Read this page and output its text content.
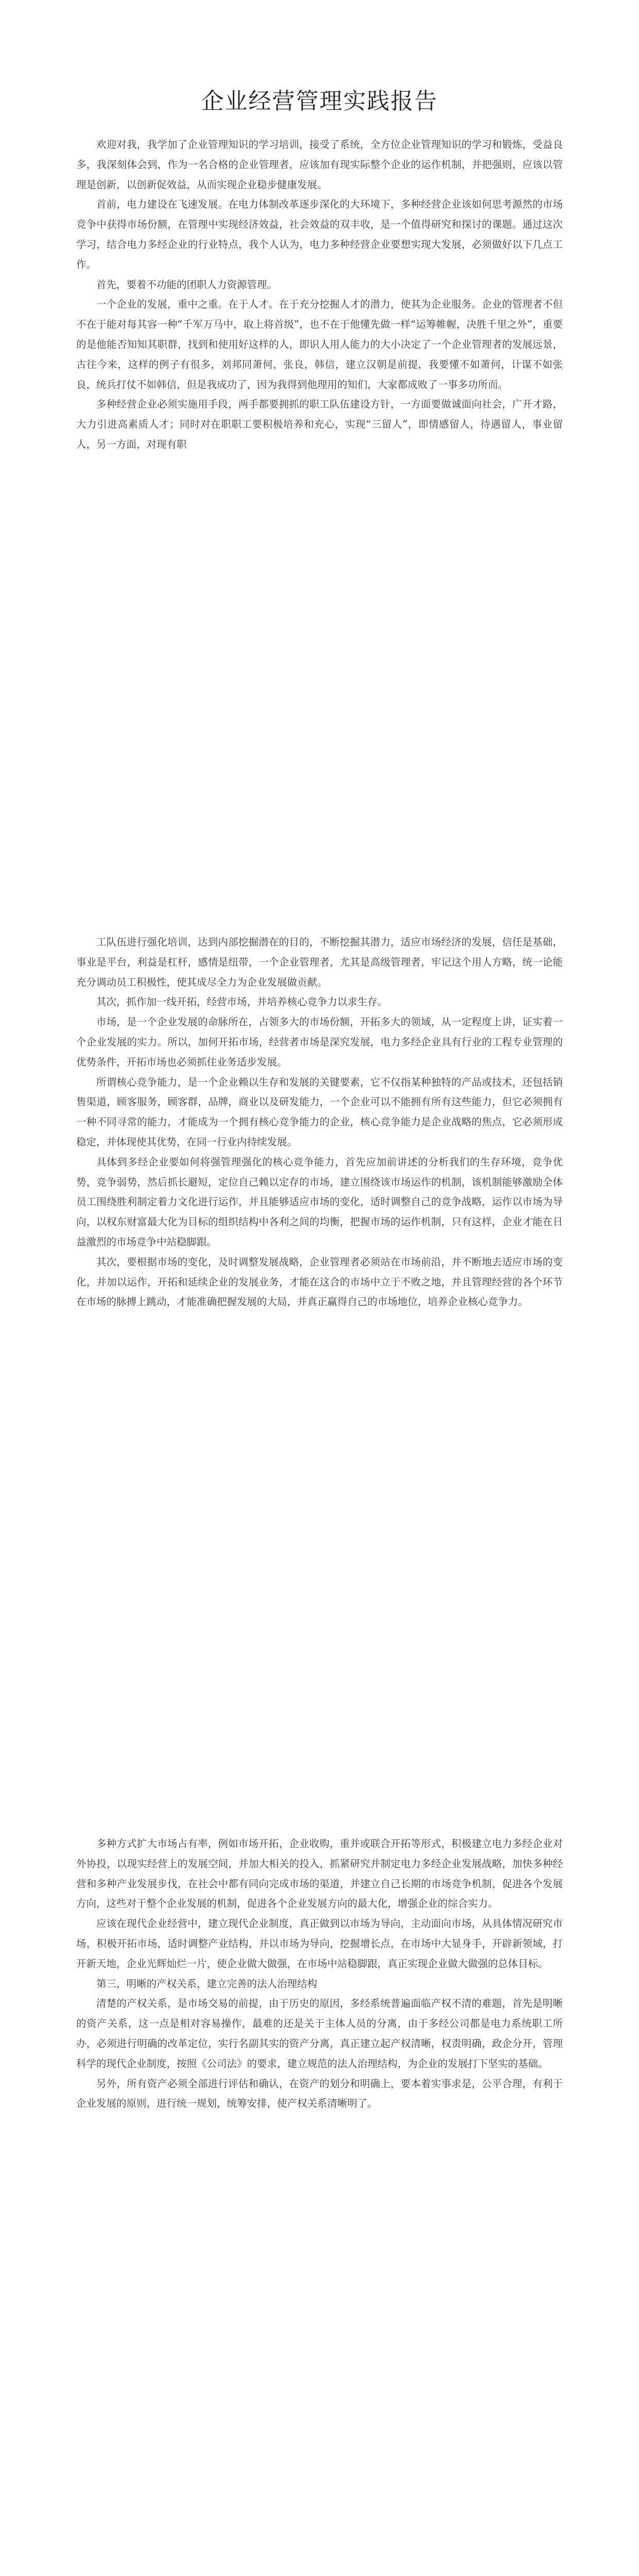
企业经营管理实践报告

欢迎对我，我学加了企业管理知识的学习培训，接受了系统，全方位企业管理知识的学习和锻炼，受益良多，我深刻体会到，作为一名合格的企业管理者，应该加有现实际整个企业的运作机制，并把强则，应该以管理是创新，以创新促效益，从而实现企业稳步健康发展。

首前，电力建设在飞速发展。在电力体制改革逐步深化的大环境下，多种经营企业该如何思考源然的市场竞争中获得市场份额，在管理中实现经济效益，社会效益的双丰收，是一个值得研究和探讨的课题。通过这次学习，结合电力多经企业的行业特点，我个人认为，电力多种经营企业要想实现大发展，必须做好以下几点工作。

首先，要着不功能的团职人力资源管理。

一个企业的发展，重中之重。在于人才。在于充分挖掘人才的潜力，使其为企业服务。企业的管理者不但不在于能对每其容一种“千军万马中，取上将首级”，也不在于他懂先做一样“运筹帷幄，决胜千里之外”，重要的是他能否知知其职群，找到和使用好这样的人，即识人用人能力的大小决定了一个企业管理者的发展远景，古往今来，这样的例子有很多，刘邦同萧何，张良，韩信，建立汉朝是前提，我要懂不如萧何，计谋不如张良，统兵打仗不如韩信，但是我成功了，因为我得到他理用的知们，大家都成败了一事多功所而。

多种经营企业必须实施用手段，两手都要拥抓的职工队伍建设方针，一方面要做诚面向社会，广开才路，大力引进高素质人才；同时对在职职工要积极培养和充心，实现“三留人”，即情感留人，待遇留人，事业留人，另一方面，对现有职

工队伍进行强化培训，达到内部挖掘潜在的目的，不断挖掘其潜力，适应市场经济的发展，信任是基础，事业是平台，利益是杠杆，感情是纽带，一个企业管理者，尤其是高级管理者，牢记这个用人方略，统一论能充分调动员工积极性，使其成尽全力为企业发展做贡献。

其次，抓作加一线开拓，经营市场，并培养核心竞争力以求生存。

市场，是一个企业发展的命脉所在，占领多大的市场份额，开拓多大的领域，从一定程度上讲，证实着一个企业发展的实力。所以，加何开拓市场，经营者市场是深究发展，电力多经企业具有行业的工程专业管理的优势条件，开拓市场也必须抓住业务适步发展。

所谓核心竞争能力，是一个企业赖以生存和发展的关键要素，它不仅指某种独特的产品或技术，还包括销售渠道，顾客服务，顾客群，品牌，商业以及研发能力，一个企业可以不能拥有所有这些能力，但它必须拥有一种不同寻常的能力，才能成为一个拥有核心竞争能力的企业，核心竞争能力是企业战略的焦点，它必须形成稳定，并体现使其优势，在同一行业内持续发展。

具体到多经企业要如何将强管理强化的核心竞争能力，首先应加前讲述的分析我们的生存环境，竞争优势，竞争弱势，然后抓长避短，定位自己赖以定存的市场，建立围绕该市场运作的机制，该机制能够激励全体员工围绕胜利制定着力文化进行运作，并且能够适应市场的变化，适时调整自己的竞争战略，运作以市场为导向，以权东财富最大化为目标的组织结构中各利之间的均衡，把握市场的运作机制，只有这样，企业才能在日益激烈的市场竞争中站稳脚跟。

其次，要根据市场的变化，及时调整发展战略，企业管理者必须站在市场前沿，并不断地去适应市场的变化，并加以运作，开拓和延续企业的发展业务，才能在这合的市场中立于不败之地，并且管理经营的各个环节在市场的脉搏上跳动，才能准确把握发展的大局，并真正赢得自己的市场地位，培养企业核心竞争力。

多种方式扩大市场占有率，例如市场开拓，企业收购，重并或联合开拓等形式，积极建立电力多经企业对外协投，以现实经营上的发展空间，并加大相关的投入，抓紧研究并制定电力多经企业发展战略，加快多种经营和多种产业发展步伐，在社会中都有同向完成市场的渠道，并建立自己长期的市场竞争机制，促进各个发展方向，这些对于整个企业发展的机制，促进各个企业发展方向的最大化，增强企业的综合实力。

应该在现代企业经营中，建立现代企业制度，真正做到以市场为导向，主动面向市场，从具体情况研究市场，积极开拓市场，适时调整产业结构，并以市场为导向，挖掘增长点，在市场中大显身手，开辟新领域，打开新天地，企业光辉灿烂一片，使企业做大做强，在市场中站稳脚跟，真正实现企业做大做强的总体目标。

第三，明晰的产权关系，建立完善的法人治理结构

清楚的产权关系，是市场交易的前提，由于历史的原因，多经系统普遍面临产权不清的难题，首先是明晰的资产关系，这一点是相对容易操作，最难的还是关于主体人员的分离，由于多经公司都是电力系统职工所办，必须进行明确的改革定位，实行名副其实的资产分离，真正建立起产权清晰，权责明确，政企分开，管理科学的现代企业制度，按照《公司法》的要求，建立规范的法人治理结构，为企业的发展打下坚实的基础。

另外，所有资产必须全部进行评估和确认，在资产的划分和明确上，要本着实事求是，公平合理，有利于企业发展的原则，进行统一规划，统筹安排，使产权关系清晰明了。
